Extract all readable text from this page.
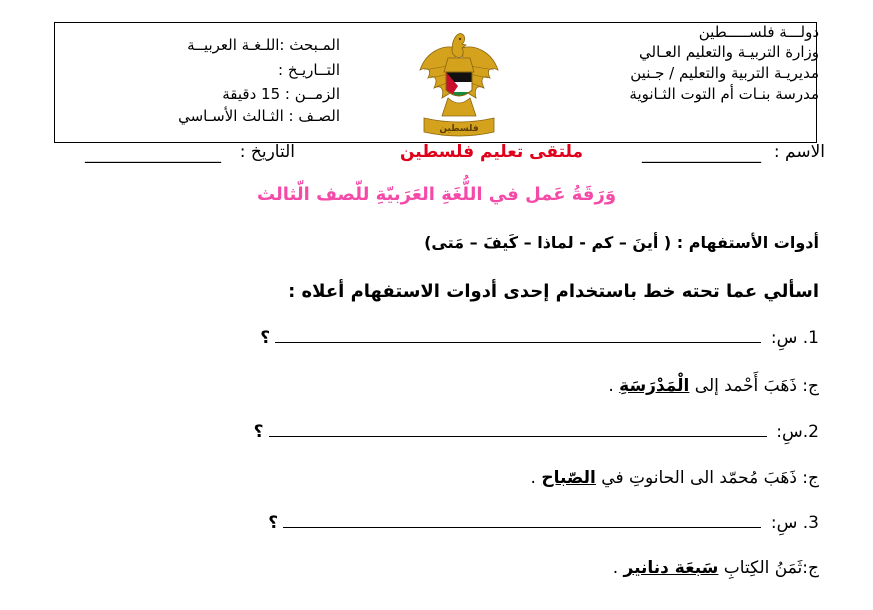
دولـــة فلســـــطين
وزارة التربيـة والتعليم العـالي
مديريـة التربية والتعليم / جـنين
مدرسة بنـات أم التوت الثـانوية
المـبحث :اللـغـة العربيــة
التــاريـخ :
الزمــن : 15 دقيقة
الصـف : الثـالث الأسـاسي
فلسطين
الاسم :
______________
ملتقى تعليم فلسطين
التاريخ :
________________
وَرَقَةُ عَمل في اللُّغَةِ العَرَبيّةِ للّصف الّثالث
أدوات الأستفهام : ( أينَ – كم - لماذا – كَيفَ – مَتى)
اسألي عما تحته خط باستخدام إحدى أدوات الاستفهام أعلاه :
1. سِ:  ؟
ج: ذَهَبَ أَحْمد إلى الْمَدْرَسَةِ .
2.سِ:  ؟
ج: ذَهَبَ مُحمّد الى الحانوتِ في الصّباح .
3. سِ:  ؟
ج:ثَمَنُ الكِتابِ سَبعَة دنانير .
